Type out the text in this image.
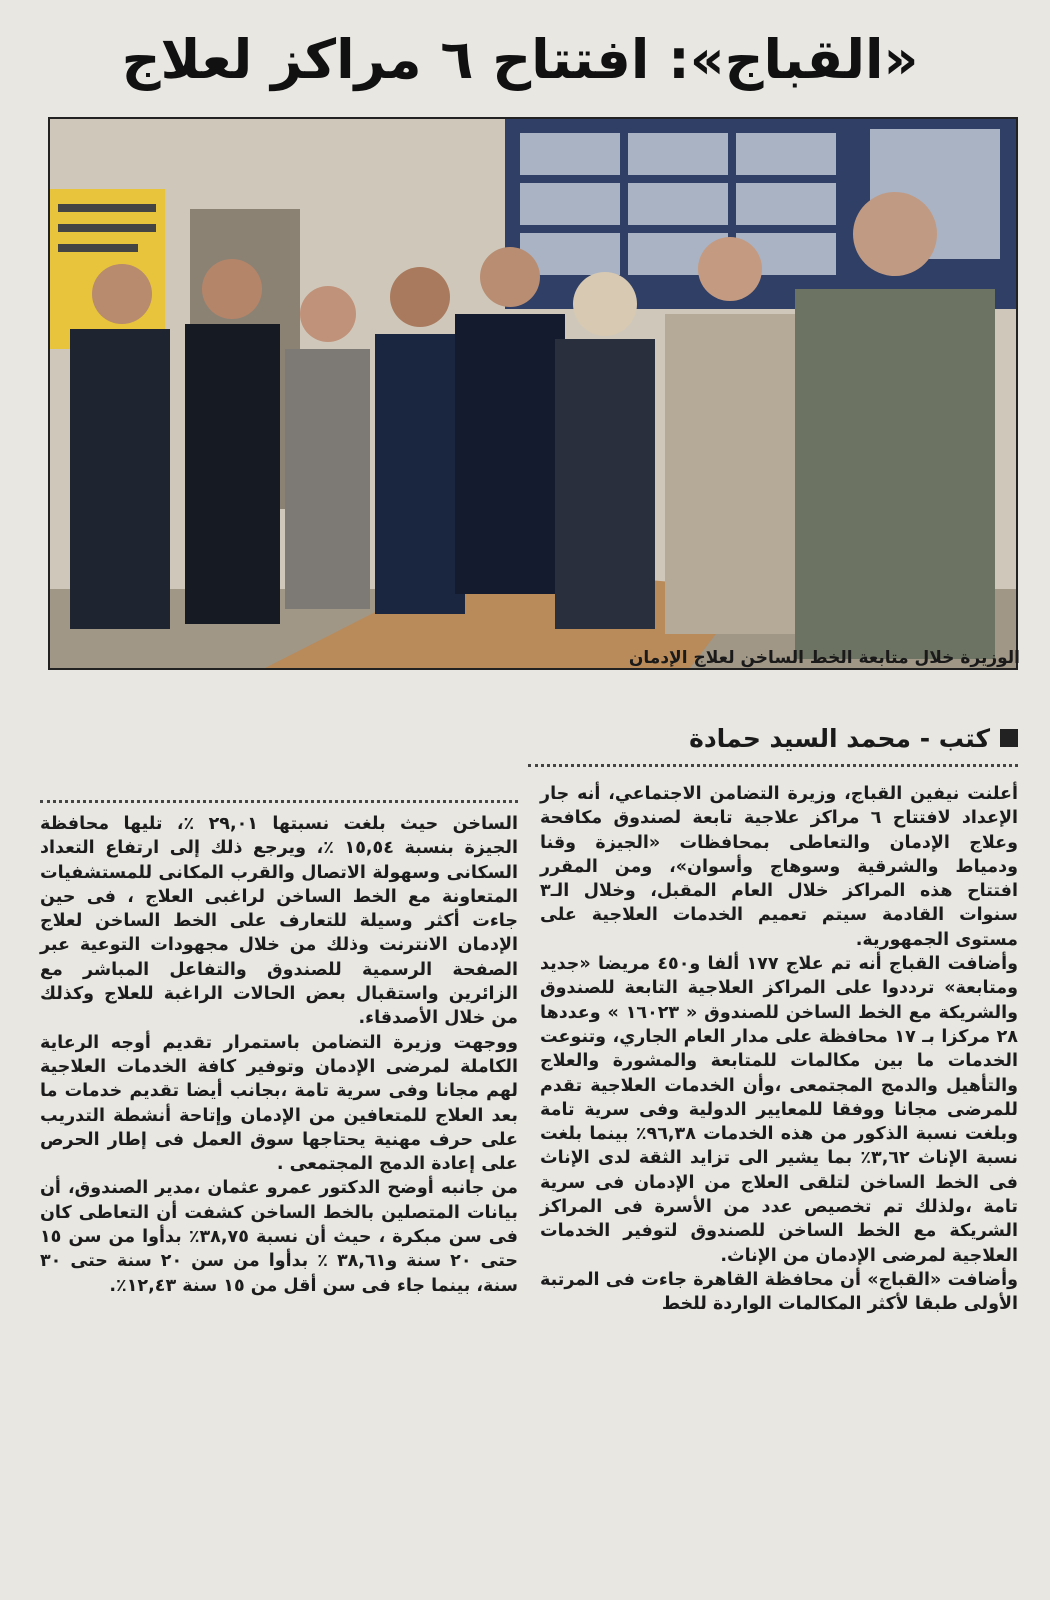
«القباج»: افتتاح ٦ مراكز لعلاج
الوزيرة خلال متابعة الخط الساخن لعلاج الإدمان
كتب - محمد السيد حمادة

أعلنت نيفين القباج، وزيرة التضامن الاجتماعي، أنه جار الإعداد لافتتاح ٦ مراكز علاجية تابعة لصندوق مكافحة وعلاج الإدمان والتعاطى بمحافظات «الجيزة وقنا ودمياط والشرقية وسوهاج وأسوان»، ومن المقرر افتتاح هذه المراكز خلال العام المقبل، وخلال الـ٣ سنوات القادمة سيتم تعميم الخدمات العلاجية على مستوى الجمهورية.

وأضافت القباج أنه تم علاج ١٧٧ ألفا و٤٥٠ مريضا «جديد ومتابعة» ترددوا على المراكز العلاجية التابعة للصندوق والشريكة مع الخط الساخن للصندوق « ١٦٠٢٣ » وعددها ٢٨ مركزا بـ ١٧ محافظة على مدار العام الجاري، وتنوعت الخدمات ما بين مكالمات للمتابعة والمشورة والعلاج والتأهيل والدمج المجتمعى ،وأن الخدمات العلاجية تقدم للمرضى مجانا ووفقا للمعايير الدولية وفى سرية تامة وبلغت نسبة الذكور من هذه الخدمات ٩٦,٣٨٪ بينما بلغت نسبة الإناث ٣,٦٢٪ بما يشير الى تزايد الثقة لدى الإناث فى الخط الساخن لتلقى العلاج من الإدمان فى سرية تامة ،ولذلك تم تخصيص عدد من الأسرة فى المراكز الشريكة مع الخط الساخن للصندوق لتوفير الخدمات العلاجية لمرضى الإدمان من الإناث.

وأضافت «القباج» أن محافظة القاهرة جاءت فى المرتبة الأولى طبقا لأكثر المكالمات الواردة للخط

الساخن حيث بلغت نسبتها ٢٩,٠١ ٪، تليها محافظة الجيزة بنسبة ١٥,٥٤ ٪، ويرجع ذلك إلى ارتفاع التعداد السكانى وسهولة الاتصال والقرب المكانى للمستشفيات المتعاونة مع الخط الساخن لراغبى العلاج ، فى حين جاءت أكثر وسيلة للتعارف على الخط الساخن لعلاج الإدمان الانترنت وذلك من خلال مجهودات التوعية عبر الصفحة الرسمية للصندوق والتفاعل المباشر مع الزائرين واستقبال بعض الحالات الراغبة للعلاج وكذلك من خلال الأصدقاء.

ووجهت وزيرة التضامن باستمرار تقديم أوجه الرعاية الكاملة لمرضى الإدمان وتوفير كافة الخدمات العلاجية لهم مجانا وفى سرية تامة ،بجانب أيضا تقديم خدمات ما بعد العلاج للمتعافين من الإدمان وإتاحة أنشطة التدريب على حرف مهنية يحتاجها سوق العمل فى إطار الحرص على إعادة الدمج المجتمعى .

من جانبه أوضح الدكتور عمرو عثمان ،مدير الصندوق، أن بيانات المتصلين بالخط الساخن كشفت أن التعاطى كان فى سن مبكرة ، حيث أن نسبة ٣٨,٧٥٪ بدأوا من سن ١٥ حتى ٢٠ سنة و٣٨,٦١ ٪ بدأوا من سن ٢٠ سنة حتى ٣٠ سنة، بينما جاء فى سن أقل من ١٥ سنة ١٢,٤٣٪.
